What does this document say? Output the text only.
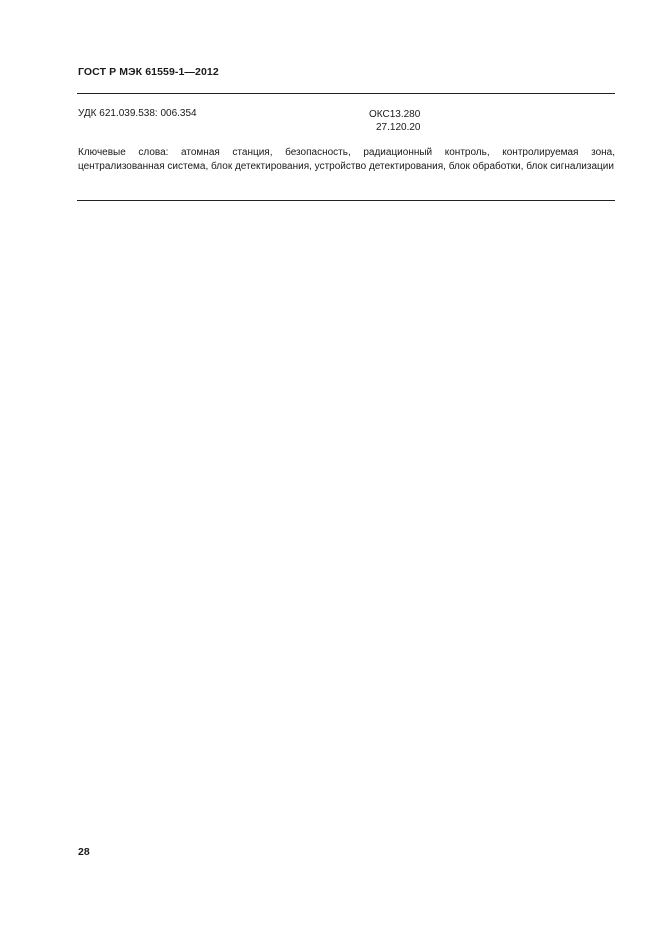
ГОСТ Р МЭК 61559-1—2012
УДК 621.039.538: 006.354	ОКС13.280
27.120.20
Ключевые слова: атомная станция, безопасность, радиационный контроль, контролируемая зона, централизованная система, блок детектирования, устройство детектирования, блок обработки, блок сигнализации
28
